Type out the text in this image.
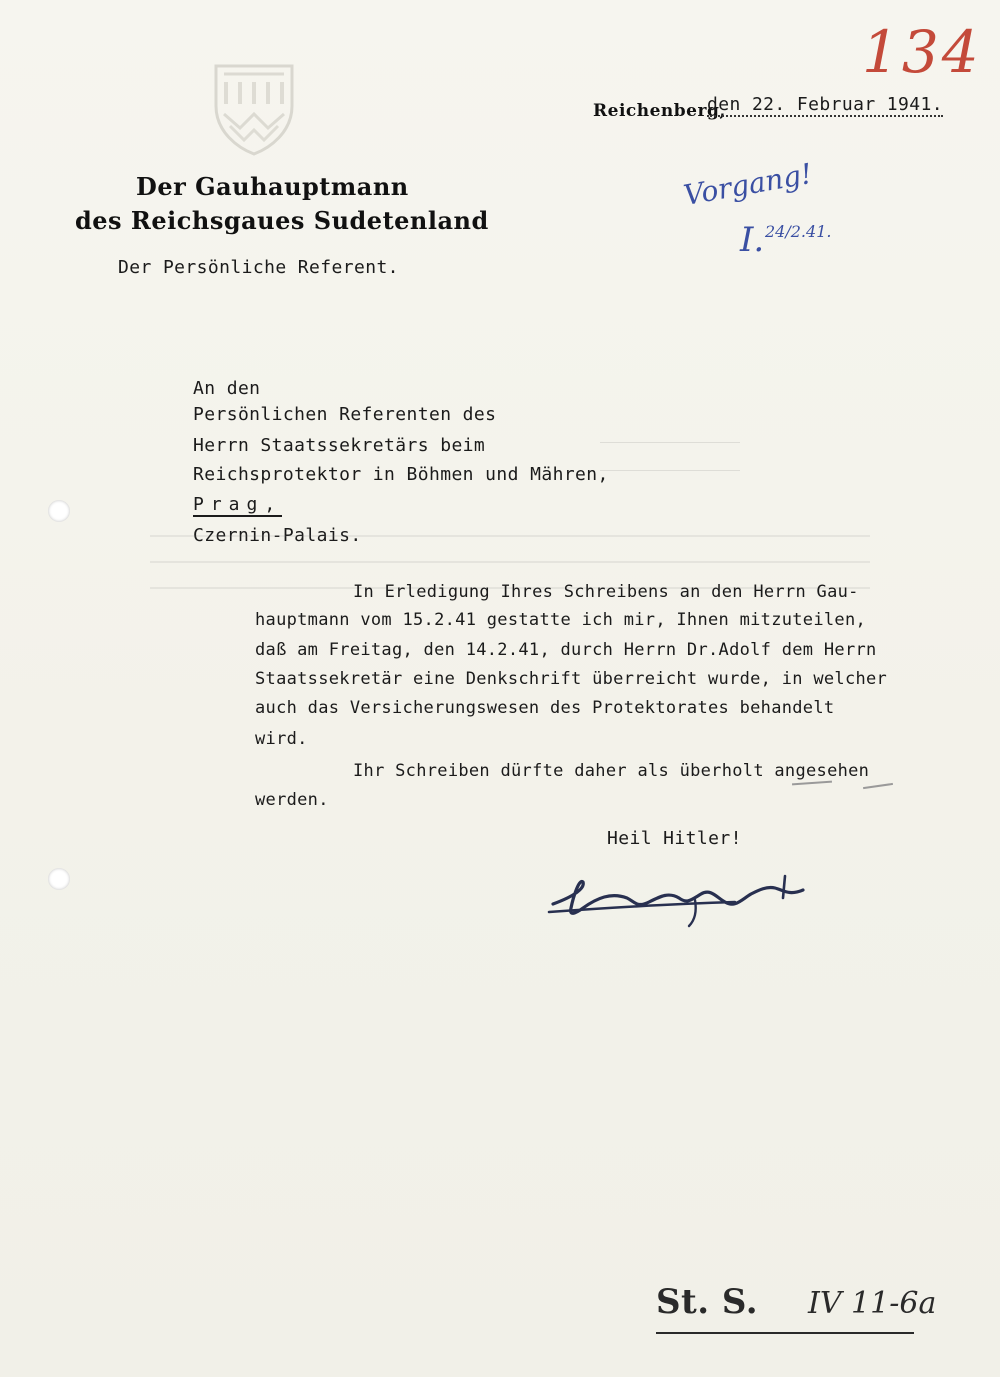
134
Reichenberg,
den 22. Februar 1941.
Der Gauhauptmann
des Reichsgaues Sudetenland
Der Persönliche Referent.
Vorgang!
I. 24/2.41.
An den
Persönlichen Referenten des
Herrn Staatssekretärs beim
Reichsprotektor in Böhmen und Mähren,
Prag,
Czernin-Palais.
In Erledigung Ihres Schreibens an den Herrn Gau-
hauptmann vom 15.2.41 gestatte ich mir, Ihnen mitzuteilen,
daß am Freitag, den 14.2.41, durch Herrn Dr.Adolf dem Herrn
Staatssekretär eine Denkschrift überreicht wurde, in welcher
auch das Versicherungswesen des Protektorates behandelt
wird.
Ihr Schreiben dürfte daher als überholt angesehen
werden.
Heil Hitler!
St. S. IV 11-6a
